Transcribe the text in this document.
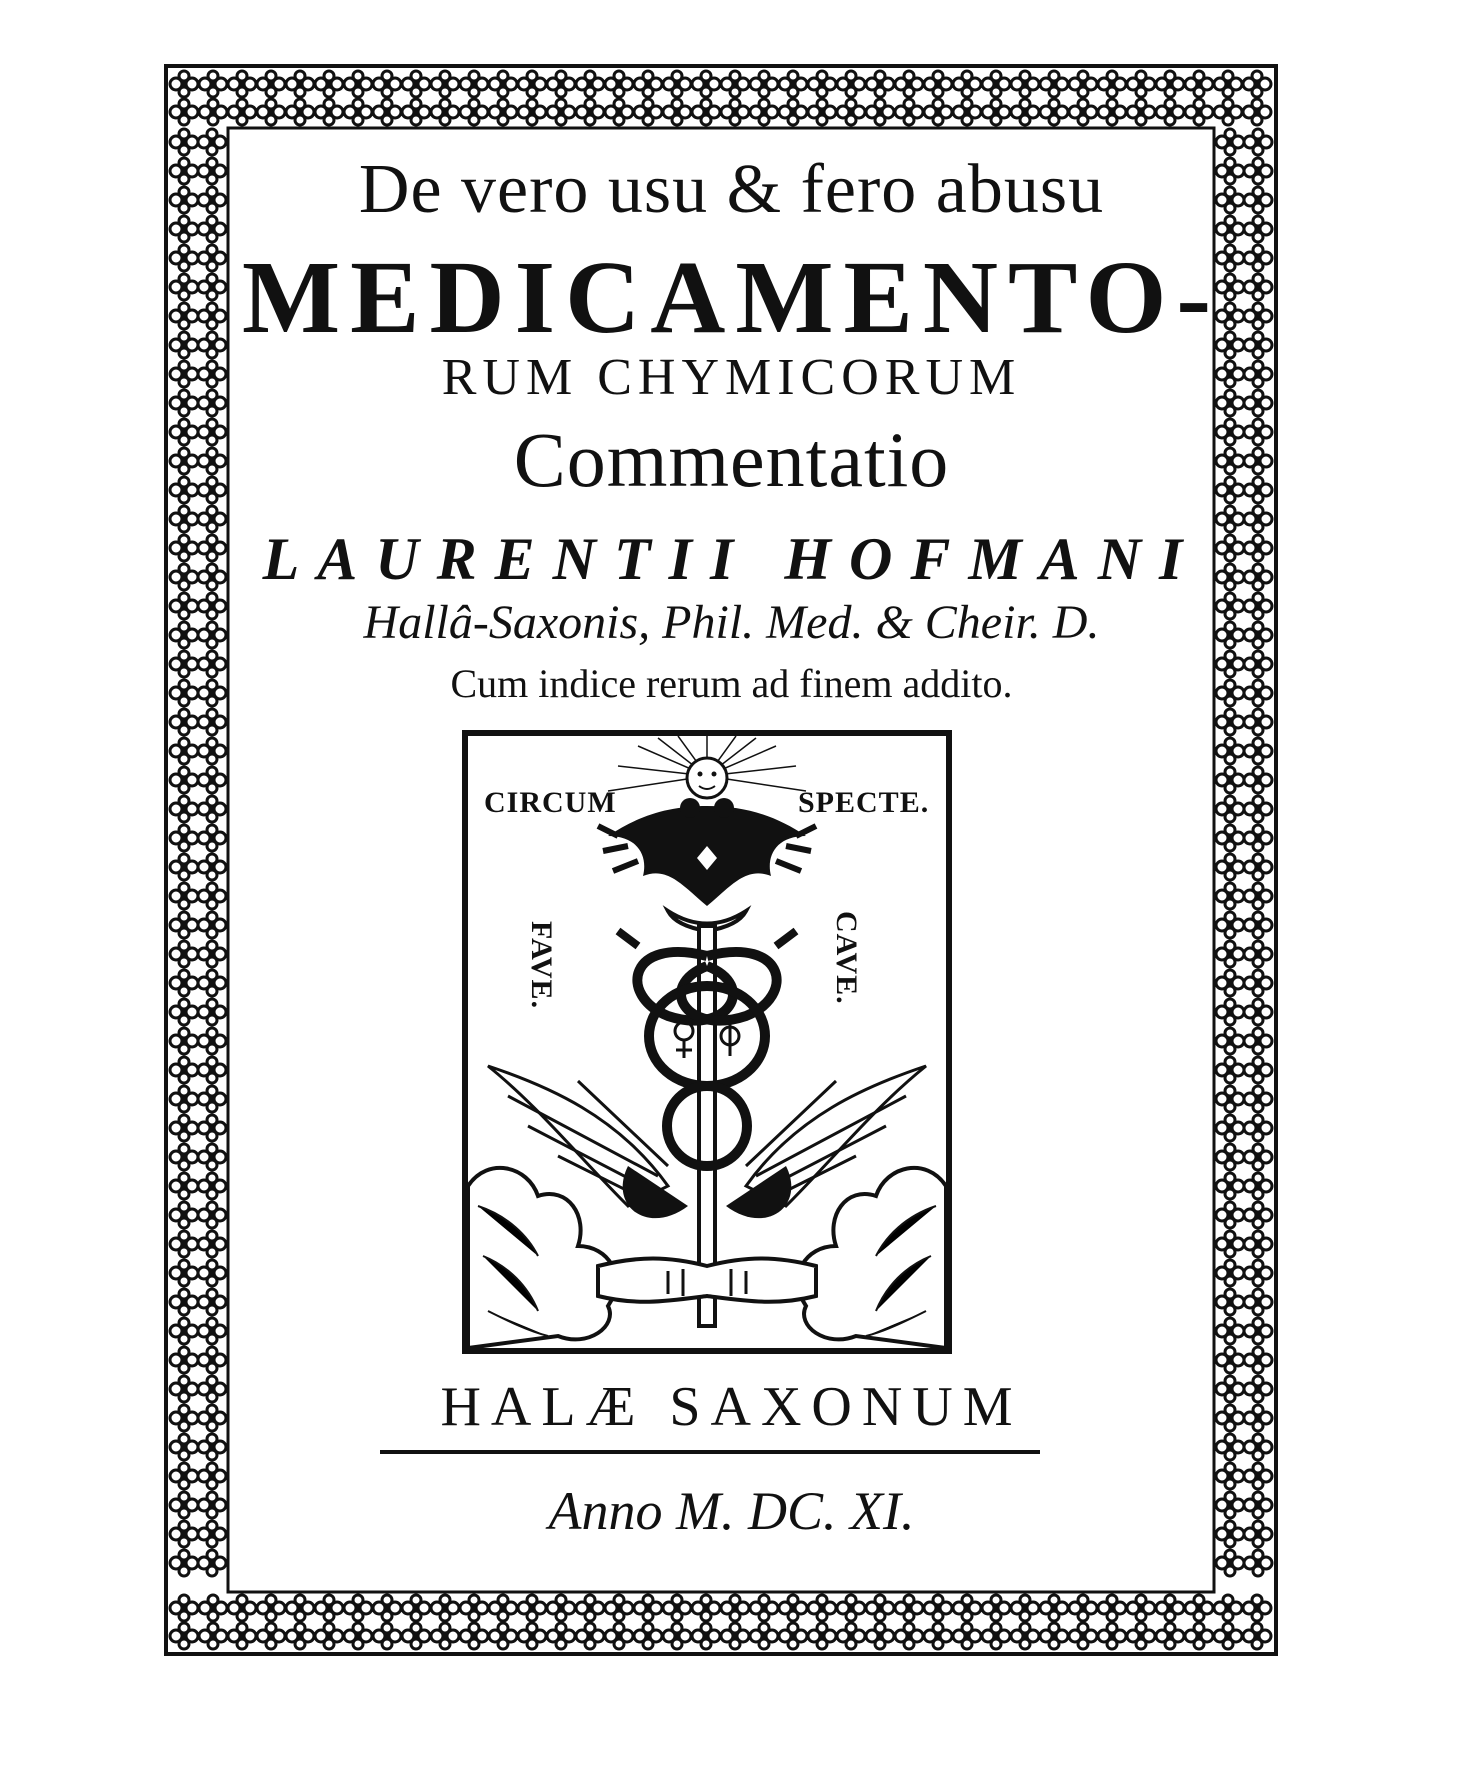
De vero usu & fero abusu
MEDICAMENTO-
RUM CHYMICORUM
Commentatio
LAURENTII HOFMANI
Hallâ-Saxonis, Phil. Med. & Cheir. D.
Cum indice rerum ad finem addito.
CIRCUM	SPECTE.
FAVE.	CAVE.
HALÆ SAXONUM
Anno M. DC. XI.
